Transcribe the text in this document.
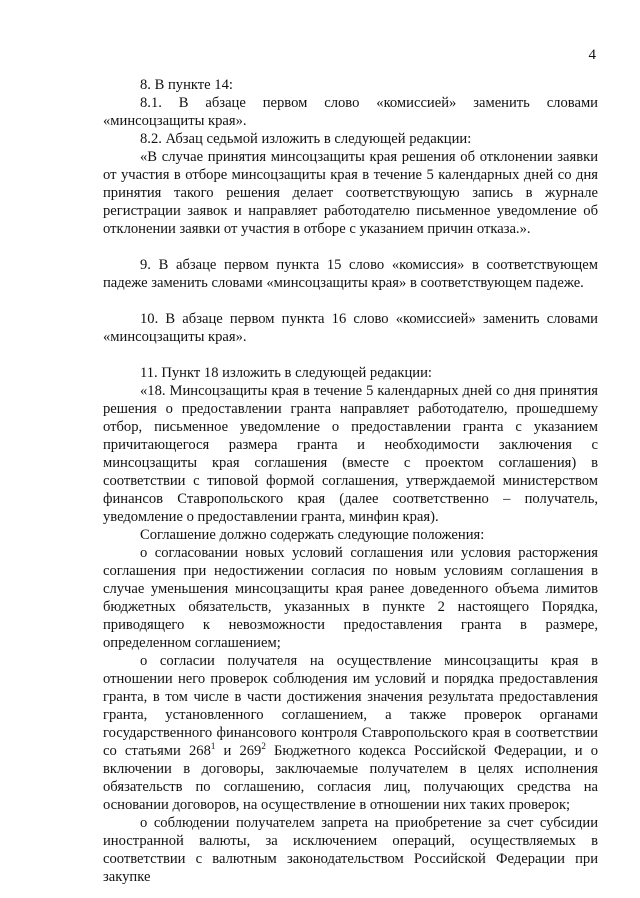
4

8. В пункте 14:

8.1. В абзаце первом слово «комиссией» заменить словами «минсоцзащиты края».

8.2. Абзац седьмой изложить в следующей редакции:

«В случае принятия минсоцзащиты края решения об отклонении заявки от участия в отборе минсоцзащиты края в течение 5 календарных дней со дня принятия такого решения делает соответствующую запись в журнале регистрации заявок и направляет работодателю письменное уведомление об отклонении заявки от участия в отборе с указанием причин отказа.».

9. В абзаце первом пункта 15 слово «комиссия» в соответствующем падеже заменить словами «минсоцзащиты края» в соответствующем падеже.

10. В абзаце первом пункта 16 слово «комиссией» заменить словами «минсоцзащиты края».

11. Пункт 18 изложить в следующей редакции:

«18. Минсоцзащиты края в течение 5 календарных дней со дня принятия решения о предоставлении гранта направляет работодателю, прошедшему отбор, письменное уведомление о предоставлении гранта с указанием причитающегося размера гранта и необходимости заключения с минсоцзащиты края соглашения (вместе с проектом соглашения) в соответствии с типовой формой соглашения, утверждаемой министерством финансов Ставропольского края (далее соответственно – получатель, уведомление о предоставлении гранта, минфин края).

Соглашение должно содержать следующие положения:

о согласовании новых условий соглашения или условия расторжения соглашения при недостижении согласия по новым условиям соглашения в случае уменьшения минсоцзащиты края ранее доведенного объема лимитов бюджетных обязательств, указанных в пункте 2 настоящего Порядка, приводящего к невозможности предоставления гранта в размере, определенном соглашением;

о согласии получателя на осуществление минсоцзащиты края в отношении него проверок соблюдения им условий и порядка предоставления гранта, в том числе в части достижения значения результата предоставления гранта, установленного соглашением, а также проверок органами государственного финансового контроля Ставропольского края в соответствии со статьями $268^1$ и $269^2$ Бюджетного кодекса Российской Федерации, и о включении в договоры, заключаемые получателем в целях исполнения обязательств по соглашению, согласия лиц, получающих средства на основании договоров, на осуществление в отношении них таких проверок;

о соблюдении получателем запрета на приобретение за счет субсидии иностранной валюты, за исключением операций, осуществляемых в соответствии с валютным законодательством Российской Федерации при закупке
